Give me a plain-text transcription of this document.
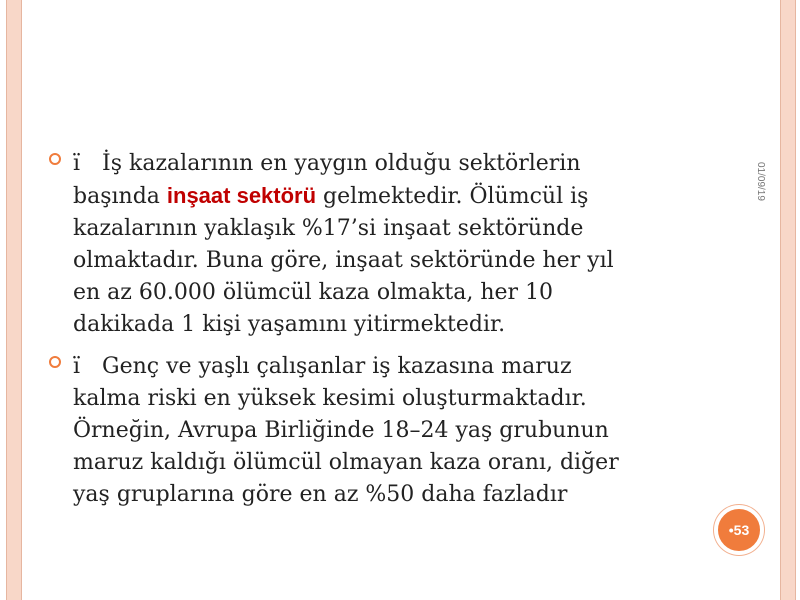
01/09/19
ï İş kazalarının en yaygın olduğu sektörlerin
başında inşaat sektörü gelmektedir. Ölümcül iş
kazalarının yaklaşık %17’si inşaat sektöründe
olmaktadır. Buna göre, inşaat sektöründe her yıl
en az 60.000 ölümcül kaza olmakta, her 10
dakikada 1 kişi yaşamını yitirmektedir.
ï Genç ve yaşlı çalışanlar iş kazasına maruz
kalma riski en yüksek kesimi oluşturmaktadır.
Örneğin, Avrupa Birliğinde 18–24 yaş grubunun
maruz kaldığı ölümcül olmayan kaza oranı, diğer
yaş gruplarına göre en az %50 daha fazladır
•53
